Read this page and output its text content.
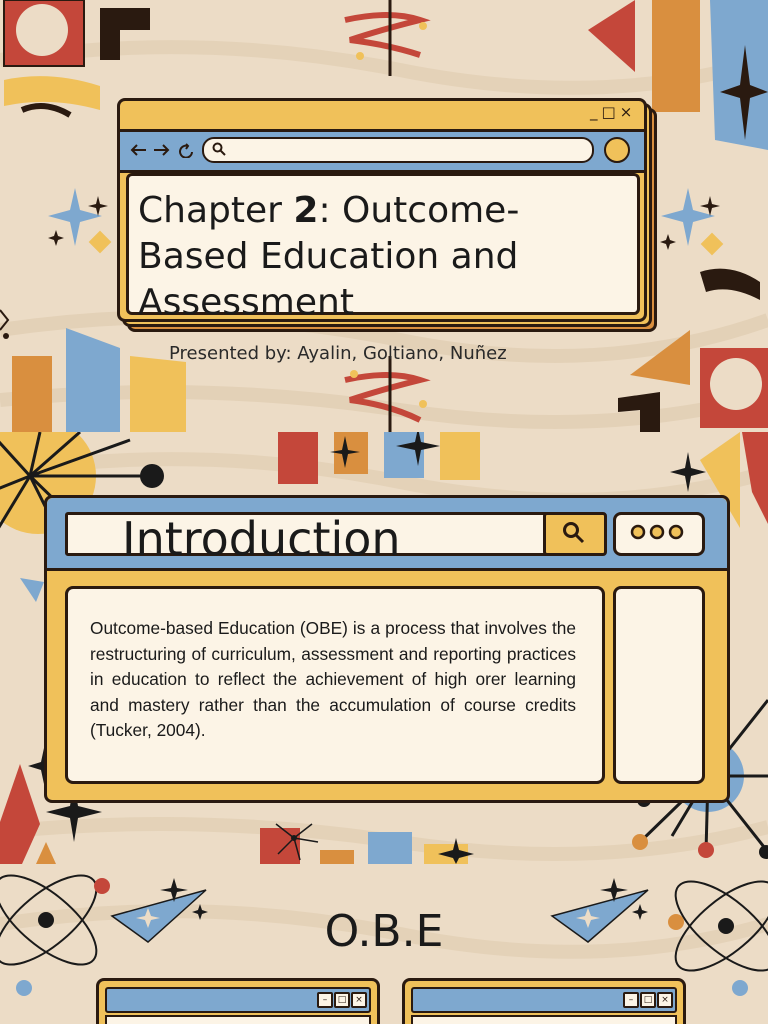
_□×
Chapter 2: Outcome-Based Education and Assessment
Presented by: Ayalin, Goltiano, Nuñez
Introduction

Outcome-based Education (OBE) is a process that involves the restructuring of curriculum, assessment and reporting practices in education to reflect the achievement of high orer learning and mastery rather than the accumulation of course credits (Tucker, 2004).

O.B.E
–	□ ×	–	□ ×
